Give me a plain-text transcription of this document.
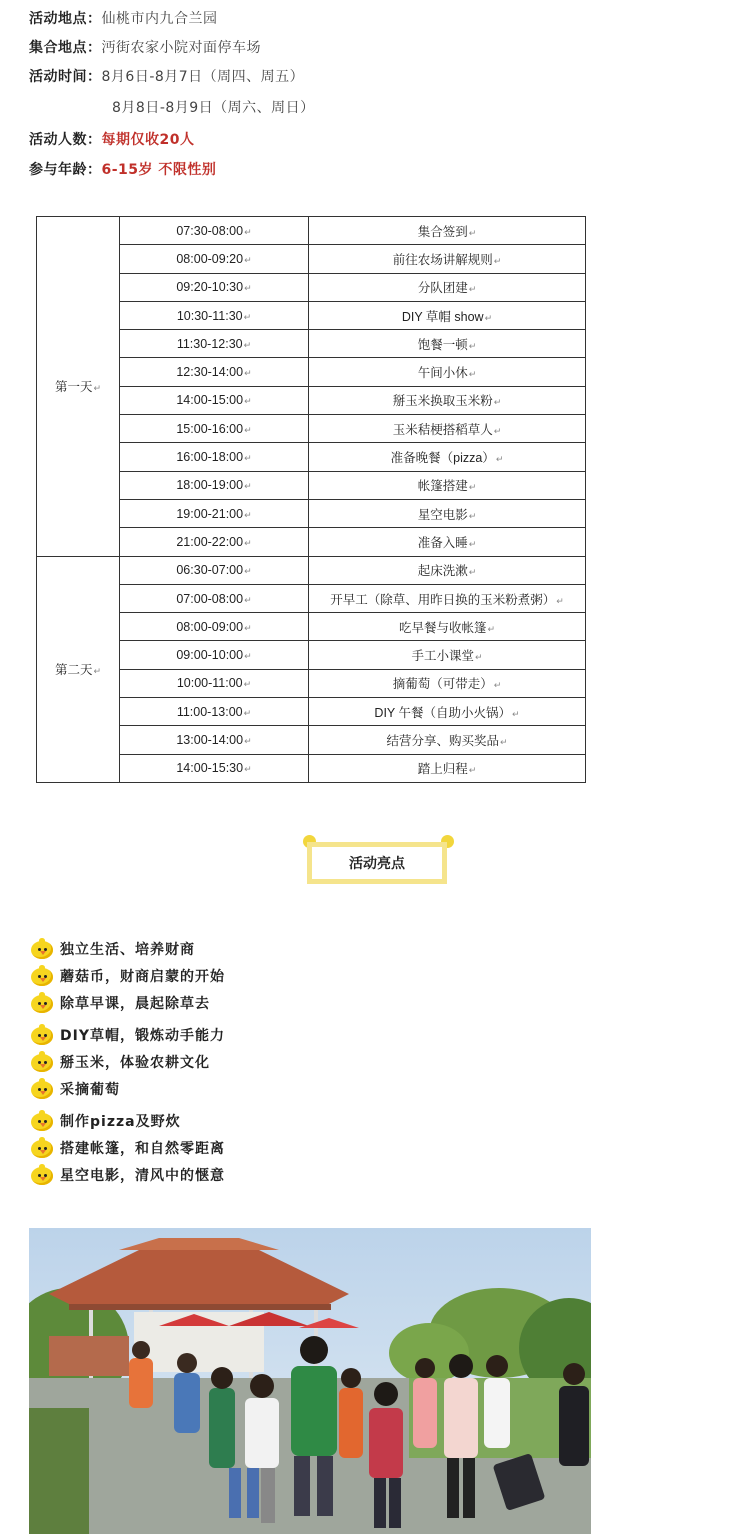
活动地点：仙桃市内九合兰园
集合地点：沔街农家小院对面停车场
活动时间：8月6日-8月7日（周四、周五）
8月8日-8月9日（周六、周日）
活动人数：每期仅收20人
参与年龄：6-15岁 不限性别
第一天↵	07:30-08:00↵	集合签到↵
	08:00-09:20↵	前往农场讲解规则↵
	09:20-10:30↵	分队团建↵
	10:30-11:30↵	DIY 草帽 show↵
	11:30-12:30↵	饱餐一顿↵
	12:30-14:00↵	午间小休↵
	14:00-15:00↵	掰玉米换取玉米粉↵
	15:00-16:00↵	玉米秸梗搭稻草人↵
	16:00-18:00↵	准备晚餐（pizza）↵
	18:00-19:00↵	帐篷搭建↵
	19:00-21:00↵	星空电影↵
	21:00-22:00↵	准备入睡↵
第二天↵	06:30-07:00↵	起床洗漱↵
	07:00-08:00↵	开早工（除草、用昨日换的玉米粉煮粥）↵
	08:00-09:00↵	吃早餐与收帐篷↵
	09:00-10:00↵	手工小课堂↵
	10:00-11:00↵	摘葡萄（可带走）↵
	11:00-13:00↵	DIY 午餐（自助小火锅）↵
	13:00-14:00↵	结营分享、购买奖品↵
	14:00-15:30↵	踏上归程↵
活动亮点
独立生活、培养财商
蘑菇币，财商启蒙的开始
除草早课，晨起除草去
DIY草帽，锻炼动手能力
掰玉米，体验农耕文化
采摘葡萄
制作pizza及野炊
搭建帐篷，和自然零距离
星空电影，清风中的惬意
